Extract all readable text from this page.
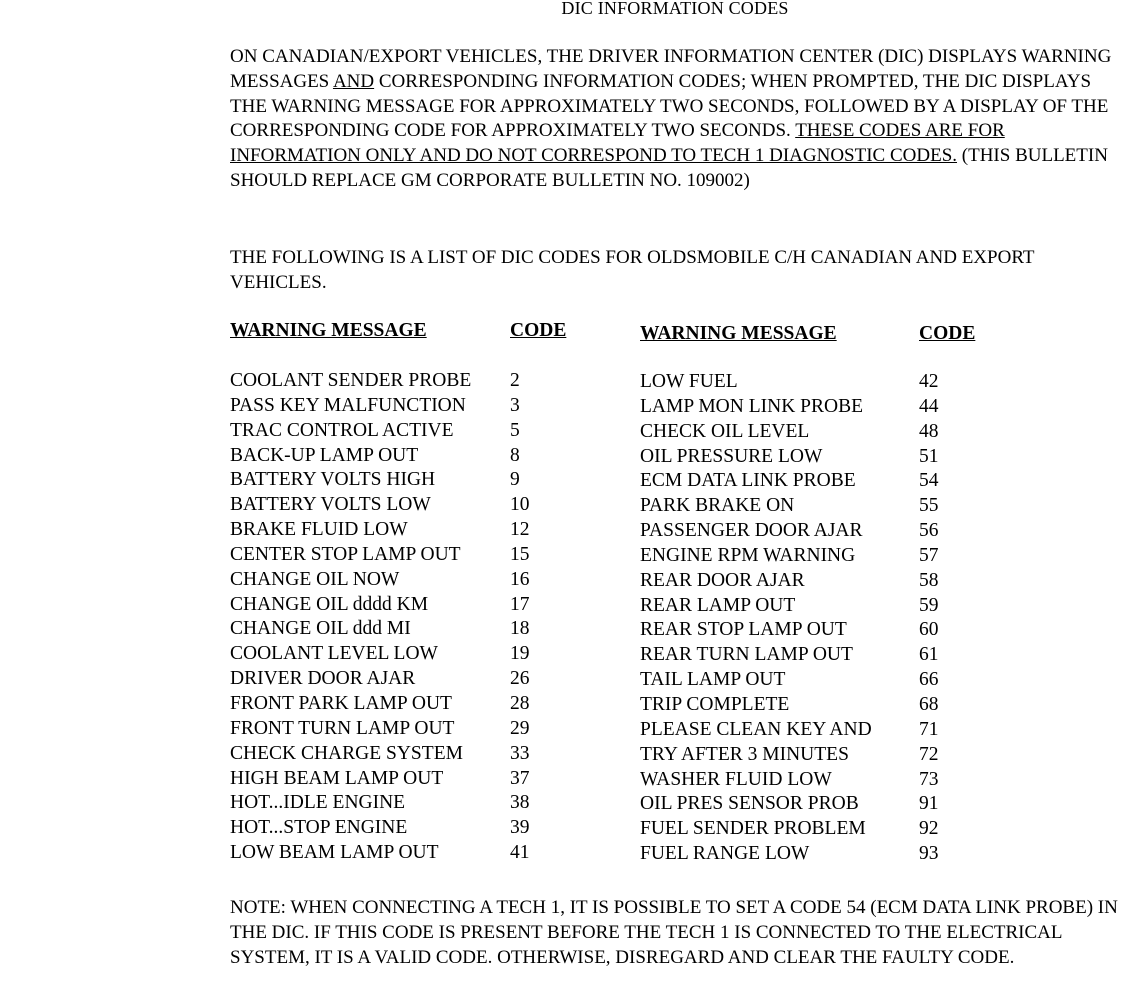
DIC INFORMATION CODES

ON CANADIAN/EXPORT VEHICLES, THE DRIVER INFORMATION CENTER (DIC) DISPLAYS WARNING MESSAGES AND CORRESPONDING INFORMATION CODES; WHEN PROMPTED, THE DIC DISPLAYS THE WARNING MESSAGE FOR APPROXIMATELY TWO SECONDS, FOLLOWED BY A DISPLAY OF THE CORRESPONDING CODE FOR APPROXIMATELY TWO SECONDS. THESE CODES ARE FOR INFORMATION ONLY AND DO NOT CORRESPOND TO TECH 1 DIAGNOSTIC CODES. (THIS BULLETIN SHOULD REPLACE GM CORPORATE BULLETIN NO. 109002)

THE FOLLOWING IS A LIST OF DIC CODES FOR OLDSMOBILE C/H CANADIAN AND EXPORT VEHICLES.

WARNING MESSAGE	CODE	WARNING MESSAGE	CODE
COOLANT SENDER PROBE 2
PASS KEY MALFUNCTION 3
TRAC CONTROL ACTIVE	5
BACK-UP LAMP OUT	8
BATTERY VOLTS HIGH	9
BATTERY VOLTS LOW	10
BRAKE FLUID LOW	12
CENTER STOP LAMP OUT	15
CHANGE OIL NOW	16
CHANGE OIL dddd KM	17
CHANGE OIL ddd MI	18
COOLANT LEVEL LOW	19
DRIVER DOOR AJAR	26
FRONT PARK LAMP OUT	28
FRONT TURN LAMP OUT	29
CHECK CHARGE SYSTEM 33
HIGH BEAM LAMP OUT	37
HOT...IDLE ENGINE	38
HOT...STOP ENGINE	39
LOW BEAM LAMP OUT	41
LOW FUEL	42
LAMP MON LINK PROBE	44
CHECK OIL LEVEL	48
OIL PRESSURE LOW	51
ECM DATA LINK PROBE	54
PARK BRAKE ON	55
PASSENGER DOOR AJAR	56
ENGINE RPM WARNING	57
REAR DOOR AJAR	58
REAR LAMP OUT	59
REAR STOP LAMP OUT	60
REAR TURN LAMP OUT	61
TAIL LAMP OUT	66
TRIP COMPLETE	68
PLEASE CLEAN KEY AND 71
TRY AFTER 3 MINUTES	72
WASHER FLUID LOW	73
OIL PRES SENSOR PROB	91
FUEL SENDER PROBLEM	92
FUEL RANGE LOW	93

NOTE: WHEN CONNECTING A TECH 1, IT IS POSSIBLE TO SET A CODE 54 (ECM DATA LINK PROBE) IN THE DIC. IF THIS CODE IS PRESENT BEFORE THE TECH 1 IS CONNECTED TO THE ELECTRICAL SYSTEM, IT IS A VALID CODE. OTHERWISE, DISREGARD AND CLEAR THE FAULTY CODE.
